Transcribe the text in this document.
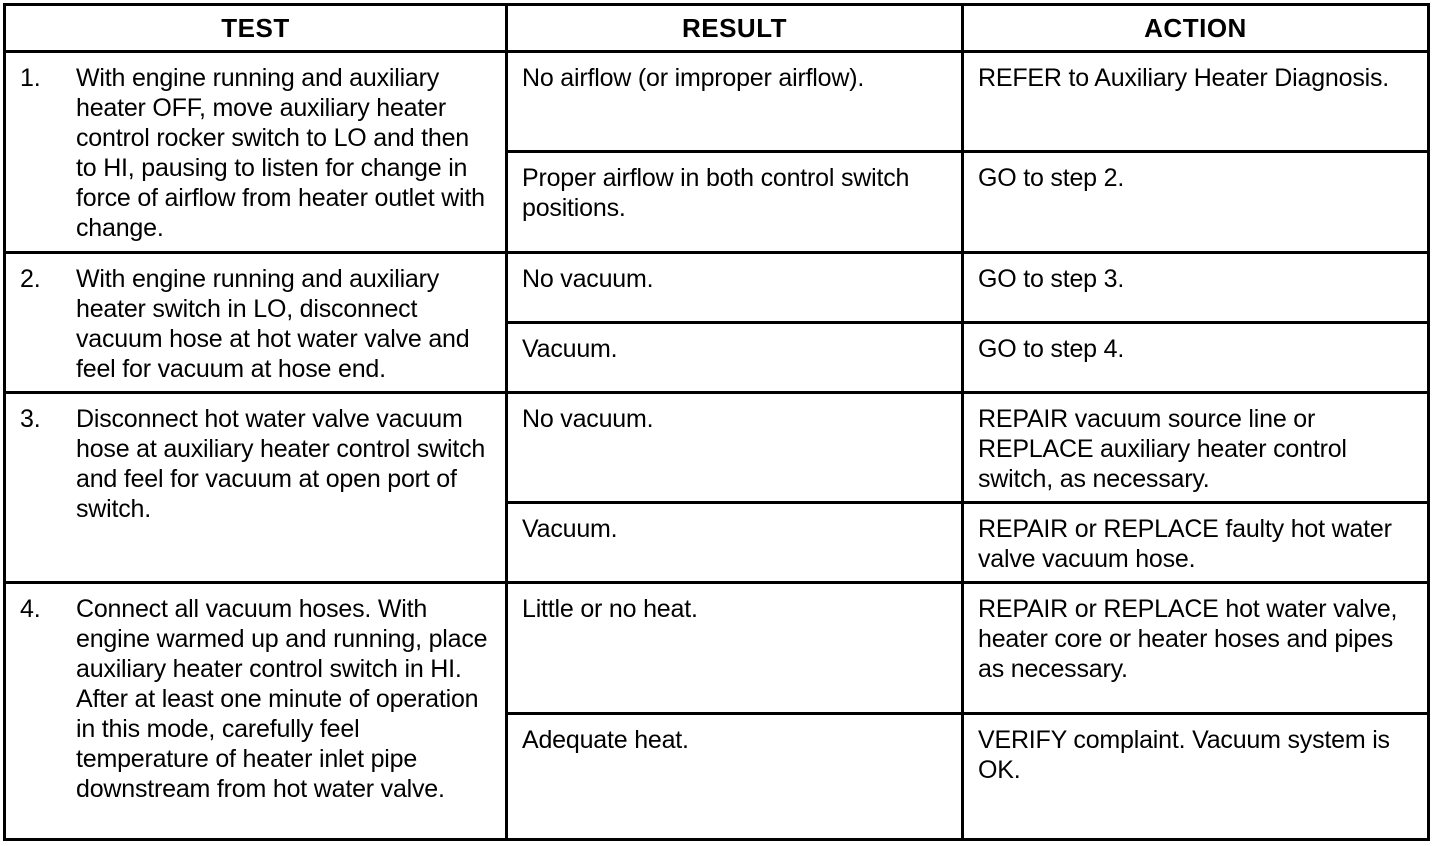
TEST	RESULT	ACTION

1. With engine running and auxiliary heater OFF, move auxiliary heater control rocker switch to LO and then to HI, pausing to listen for change in force of airflow from heater outlet with change.	No airflow (or improper airflow).	REFER to Auxiliary Heater Diagnosis.
	Proper airflow in both control switch positions.	GO to step 2.

2. With engine running and auxiliary heater switch in LO, disconnect vacuum hose at hot water valve and feel for vacuum at hose end.	No vacuum.	GO to step 3.
	Vacuum.	GO to step 4.

3. Disconnect hot water valve vacuum hose at auxiliary heater control switch and feel for vacuum at open port of switch.	No vacuum.	REPAIR vacuum source line or REPLACE auxiliary heater control switch, as necessary.
	Vacuum.	REPAIR or REPLACE faulty hot water valve vacuum hose.

4. Connect all vacuum hoses. With engine warmed up and running, place auxiliary heater control switch in HI. After at least one minute of operation in this mode, carefully feel temperature of heater inlet pipe downstream from hot water valve.	Little or no heat.	REPAIR or REPLACE hot water valve, heater core or heater hoses and pipes as necessary.
	Adequate heat.	VERIFY complaint. Vacuum system is OK.
